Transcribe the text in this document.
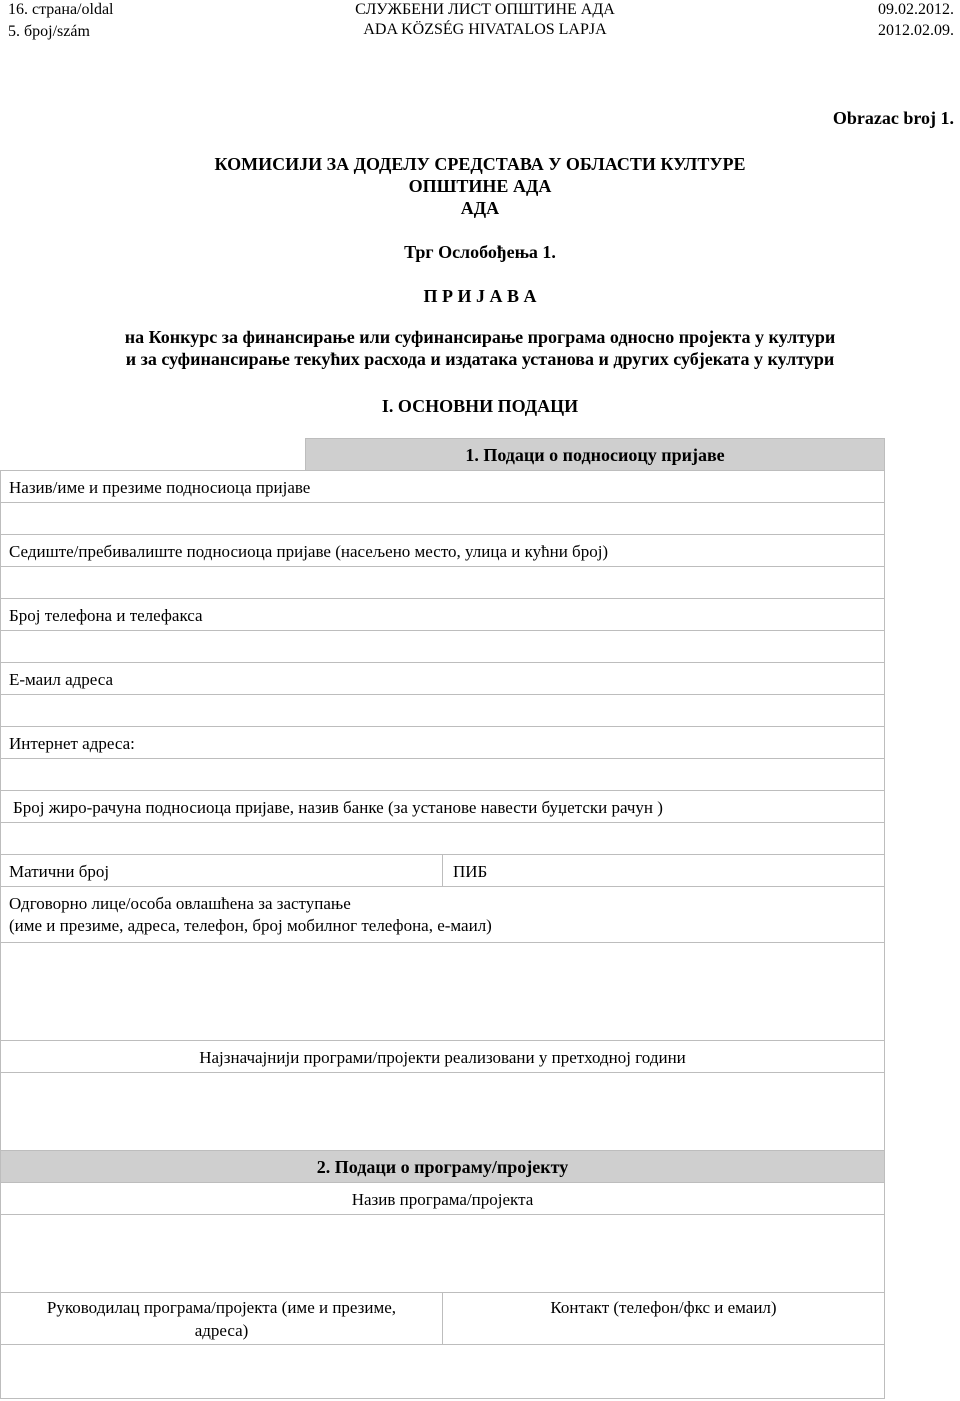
16. страна/oldal
5. број/szám
СЛУЖБЕНИ ЛИСТ ОПШТИНЕ АДА
ADA KÖZSÉG HIVATALOS LAPJA
09.02.2012.
2012.02.09.
Obrazac broj 1.
КОМИСИЈИ ЗА ДОДЕЛУ СРЕДСТАВА У ОБЛАСТИ КУЛТУРЕ
ОПШТИНЕ АДА
АДА
Трг Ослобођења 1.
П Р И Ј А В А
на Конкурс за финансирање или суфинансирање програма односно пројекта у култури
и за суфинансирање текућих расхода и издатака установа и других субјеката у култури
I. ОСНОВНИ ПОДАЦИ
1. Подаци о подносиоцу пријаве
Назив/име и презиме подносиоца пријаве
Седиште/пребивалиште подносиоца пријаве (насељено место, улица и кућни број)
Број телефона и телефакса
Е-маил адреса
Интернет адреса:
Број жиро-рачуна подносиоца пријаве, назив банке (за установе навести буџетски рачун )
Матични број	ПИБ
Одговорно лице/особа овлашћена за заступање
(име и презиме, адреса, телефон, број мобилног телефона, е-маил)
Најзначајнији програми/пројекти реализовани у претходној години
2. Подаци о програму/пројекту
Назив програма/пројекта
Руководилац програма/пројекта (име и презиме,
адреса)
Контакт (телефон/фкс и емаил)
